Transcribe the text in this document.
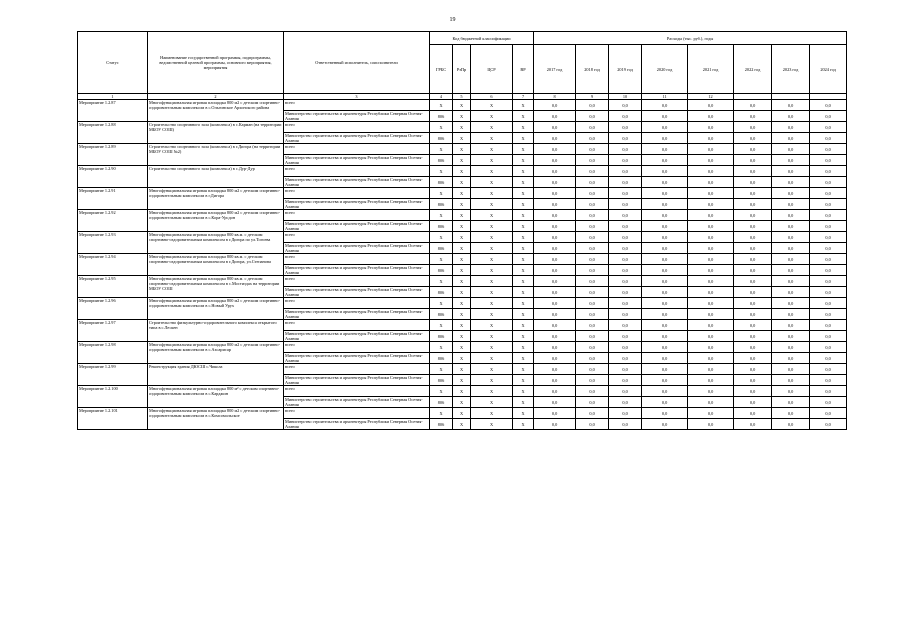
19
Статус	Наименование государственной программы, подпрограммы, ведомственной целевой программы, основного мероприятия, мероприятия	Ответственный исполнитель, соисполнители	Код бюджетной классификации				Расходы (тыс. руб.), годы							
			ГРБС	РзПр	ЦСР	ВР	2017 год	2018 год	2019 год	2020 год	2021 год	2022 год	2023 год	2024 год
1	2	3	4	5	6	7	8	9	10	11	12			
Мероприятие 1.2.87	Многофункциональная игровая площадка 800 м2 с детским спортивно-оздоровительным комплексом в с.Ольгинское Архонского района	всего	X	X	X	X	0,0	0,0	0,0	0,0	0,0	0,0	0,0	0,0
		Министерство строительства и архитектуры Республики Северная Осетия-Алания	806	X	X	X	0,0	0,0	0,0	0,0	0,0	0,0	0,0	0,0
Мероприятие 1.2.88	Строительство спортивного зала (комплекса) в с.Карман (на территории МБОУ СОШ)	всего	X	X	X	X	0,0	0,0	0,0	0,0	0,0	0,0	0,0	0,0
		Министерство строительства и архитектуры Республики Северная Осетия-Алания	806	X	X	X	0,0	0,0	0,0	0,0	0,0	0,0	0,0	0,0
Мероприятие 1.2.89	Строительство спортивного зала (комплекса) в г.Дигора (на территории МБОУ СОШ №2)	всего	X	X	X	X	0,0	0,0	0,0	0,0	0,0	0,0	0,0	0,0
		Министерство строительства и архитектуры Республики Северная Осетия-Алания	806	X	X	X	0,0	0,0	0,0	0,0	0,0	0,0	0,0	0,0
Мероприятие 1.2.90	Строительство спортивного зала (комплекса) в с.Дур-Дур	всего	X	X	X	X	0,0	0,0	0,0	0,0	0,0	0,0	0,0	0,0
		Министерство строительства и архитектуры Республики Северная Осетия-Алания	806	X	X	X	0,0	0,0	0,0	0,0	0,0	0,0	0,0	0,0
Мероприятие 1.2.91	Многофункциональная игровая площадка 800 м2 с детским спортивно-оздоровительным комплексом в г.Дигора	всего	X	X	X	X	0,0	0,0	0,0	0,0	0,0	0,0	0,0	0,0
		Министерство строительства и архитектуры Республики Северная Осетия-Алания	806	X	X	X	0,0	0,0	0,0	0,0	0,0	0,0	0,0	0,0
Мероприятие 1.2.92	Многофункциональная игровая площадка 800 м2 с детским спортивно-оздоровительным комплексом в с.Кора-Урсдон	всего	X	X	X	X	0,0	0,0	0,0	0,0	0,0	0,0	0,0	0,0
		Министерство строительства и архитектуры Республики Северная Осетия-Алания	806	X	X	X	0,0	0,0	0,0	0,0	0,0	0,0	0,0	0,0
Мероприятие 1.2.93	Многофункциональная игровая площадка 800 кв.м. с детским спортивно-оздоровительным комплексом в г.Дигора по ул.Тогоева	всего	X	X	X	X	0,0	0,0	0,0	0,0	0,0	0,0	0,0	0,0
		Министерство строительства и архитектуры Республики Северная Осетия-Алания	806	X	X	X	0,0	0,0	0,0	0,0	0,0	0,0	0,0	0,0
Мероприятие 1.2.94	Многофункциональная игровая площадка 800 кв.м. с детским спортивно-оздоровительным комплексом в г.Дигора, ул.Степанова	всего	X	X	X	X	0,0	0,0	0,0	0,0	0,0	0,0	0,0	0,0
		Министерство строительства и архитектуры Республики Северная Осетия-Алания	806	X	X	X	0,0	0,0	0,0	0,0	0,0	0,0	0,0	0,0
Мероприятие 1.2.95	Многофункциональная игровая площадка 800 кв.м. с детским спортивно-оздоровительным комплексом в с.Мостиздах на территории МБОУ СОШ	всего	X	X	X	X	0,0	0,0	0,0	0,0	0,0	0,0	0,0	0,0
		Министерство строительства и архитектуры Республики Северная Осетия-Алания	806	X	X	X	0,0	0,0	0,0	0,0	0,0	0,0	0,0	0,0
Мероприятие 1.2.96	Многофункциональная игровая площадка 800 м2 с детским спортивно-оздоровительным комплексом в с.Новый Урух	всего	X	X	X	X	0,0	0,0	0,0	0,0	0,0	0,0	0,0	0,0
		Министерство строительства и архитектуры Республики Северная Осетия-Алания	806	X	X	X	0,0	0,0	0,0	0,0	0,0	0,0	0,0	0,0
Мероприятие 1.2.97	Строительство физкультурно-оздоровительного комплекса открытого типа в с.Лескен	всего	X	X	X	X	0,0	0,0	0,0	0,0	0,0	0,0	0,0	0,0
		Министерство строительства и архитектуры Республики Северная Осетия-Алания	806	X	X	X	0,0	0,0	0,0	0,0	0,0	0,0	0,0	0,0
Мероприятие 1.2.98	Многофункциональная игровая площадка 800 м2 с детским спортивно-оздоровительным комплексом в с.Ахсарисар	всего	X	X	X	X	0,0	0,0	0,0	0,0	0,0	0,0	0,0	0,0
		Министерство строительства и архитектуры Республики Северная Осетия-Алания	806	X	X	X	0,0	0,0	0,0	0,0	0,0	0,0	0,0	0,0
Мероприятие 1.2.99	Реконструкция здания ДЮСШ с.Чикола	всего	X	X	X	X	0,0	0,0	0,0	0,0	0,0	0,0	0,0	0,0
		Министерство строительства и архитектуры Республики Северная Осетия-Алания	806	X	X	X	0,0	0,0	0,0	0,0	0,0	0,0	0,0	0,0
Мероприятие 1.2.100	Многофункциональная игровая площадка 800 м² с детским спортивно-оздоровительным комплексом в с.Карджин	всего	X	X	X	X	0,0	0,0	0,0	0,0	0,0	0,0	0,0	0,0
		Министерство строительства и архитектуры Республики Северная Осетия-Алания	806	X	X	X	0,0	0,0	0,0	0,0	0,0	0,0	0,0	0,0
Мероприятие 1.2.101	Многофункциональная игровая площадка 800 м2 с детским спортивно-оздоровительным комплексом в с.Комсомольское	всего	X	X	X	X	0,0	0,0	0,0	0,0	0,0	0,0	0,0	0,0
		Министерство строительства и архитектуры Республики Северная Осетия-Алания	806	X	X	X	0,0	0,0	0,0	0,0	0,0	0,0	0,0	0,0
